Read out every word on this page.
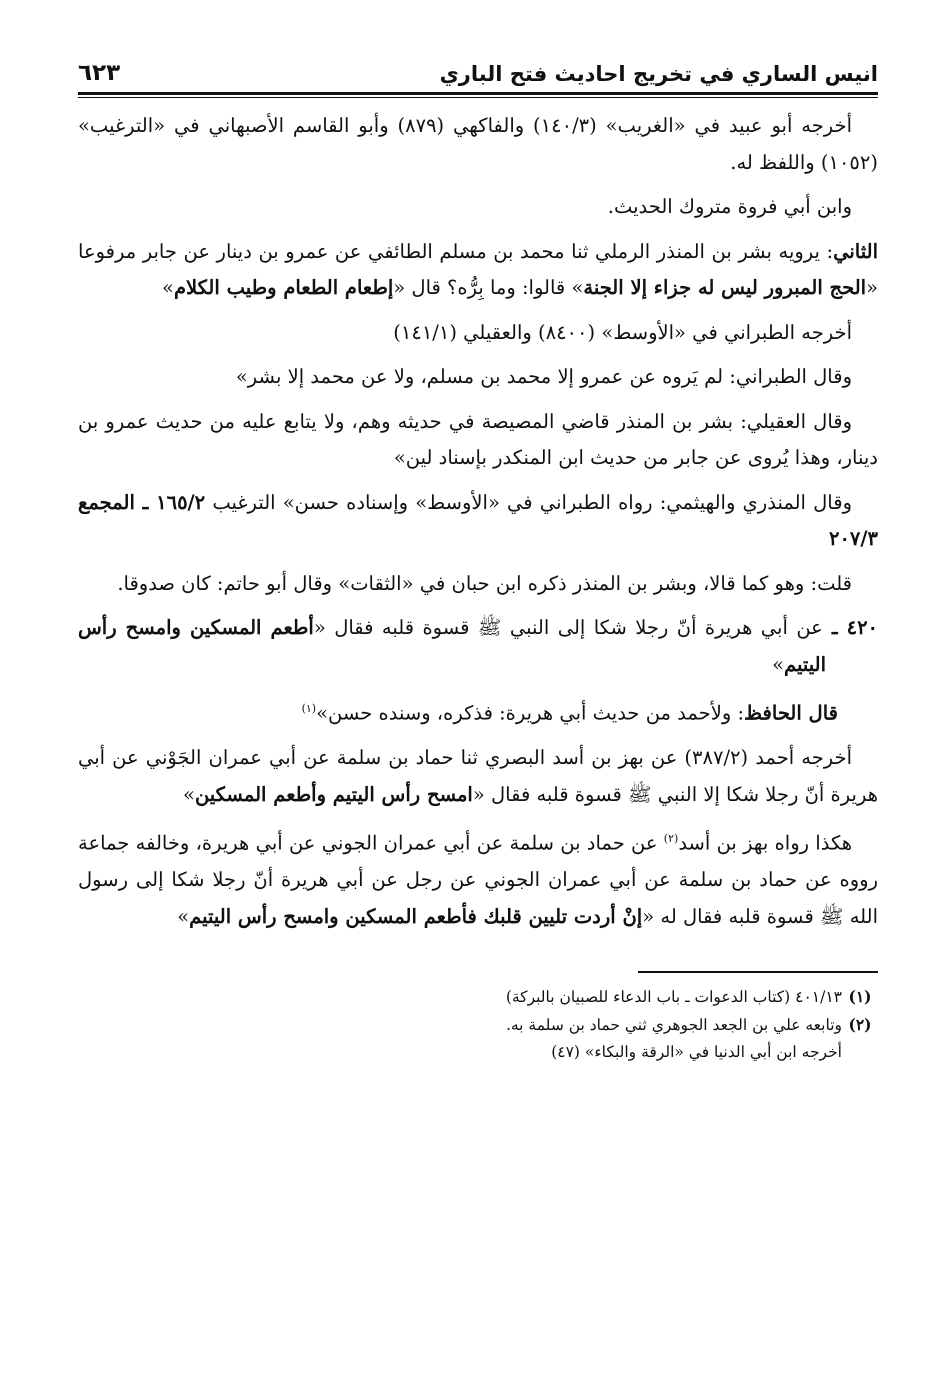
انيس الساري في تخريج احاديث فتح الباري
٦٢٣

أخرجه أبو عبيد في «الغريب» (١٤٠/٣) والفاكهي (٨٧٩) وأبو القاسم الأصبهاني في «الترغيب» (١٠٥٢) واللفظ له.

وابن أبي فروة متروك الحديث.

الثاني: يرويه بشر بن المنذر الرملي ثنا محمد بن مسلم الطائفي عن عمرو بن دينار عن جابر مرفوعا «الحج المبرور ليس له جزاء إلا الجنة» قالوا: وما بِرُّه؟ قال «إطعام الطعام وطيب الكلام»

أخرجه الطبراني في «الأوسط» (٨٤٠٠) والعقيلي (١٤١/١)

وقال الطبراني: لم يَروه عن عمرو إلا محمد بن مسلم، ولا عن محمد إلا بشر»

وقال العقيلي: بشر بن المنذر قاضي المصيصة في حديثه وهم، ولا يتابع عليه من حديث عمرو بن دينار، وهذا يُروى عن جابر من حديث ابن المنكدر بإسناد لين»

وقال المنذري والهيثمي: رواه الطبراني في «الأوسط» وإسناده حسن» الترغيب ١٦٥/٢ ـ المجمع ٢٠٧/٣

قلت: وهو كما قالا، وبشر بن المنذر ذكره ابن حبان في «الثقات» وقال أبو حاتم: كان صدوقا.

٤٢٠ ـ عن أبي هريرة أنّ رجلا شكا إلى النبي ﷺ قسوة قلبه فقال «أطعم المسكين وامسح رأس اليتيم»

قال الحافظ: ولأحمد من حديث أبي هريرة: فذكره، وسنده حسن»$^{(١)}$

أخرجه أحمد (٣٨٧/٢) عن بهز بن أسد البصري ثنا حماد بن سلمة عن أبي عمران الجَوْني عن أبي هريرة أنّ رجلا شكا إلا النبي ﷺ قسوة قلبه فقال «امسح رأس اليتيم وأطعم المسكين»

هكذا رواه بهز بن أسد$^{(٢)}$ عن حماد بن سلمة عن أبي عمران الجوني عن أبي هريرة، وخالفه جماعة رووه عن حماد بن سلمة عن أبي عمران الجوني عن رجل عن أبي هريرة أنّ رجلا شكا إلى رسول الله ﷺ قسوة قلبه فقال له «إنْ أردت تليين قلبك فأطعم المسكين وامسح رأس اليتيم»

(١)٤٠١/١٣ (كتاب الدعوات ـ باب الدعاء للصبيان بالبركة)

(٢)وتابعه علي بن الجعد الجوهري ثني حماد بن سلمة به.

أخرجه ابن أبي الدنيا في «الرقة والبكاء» (٤٧)
